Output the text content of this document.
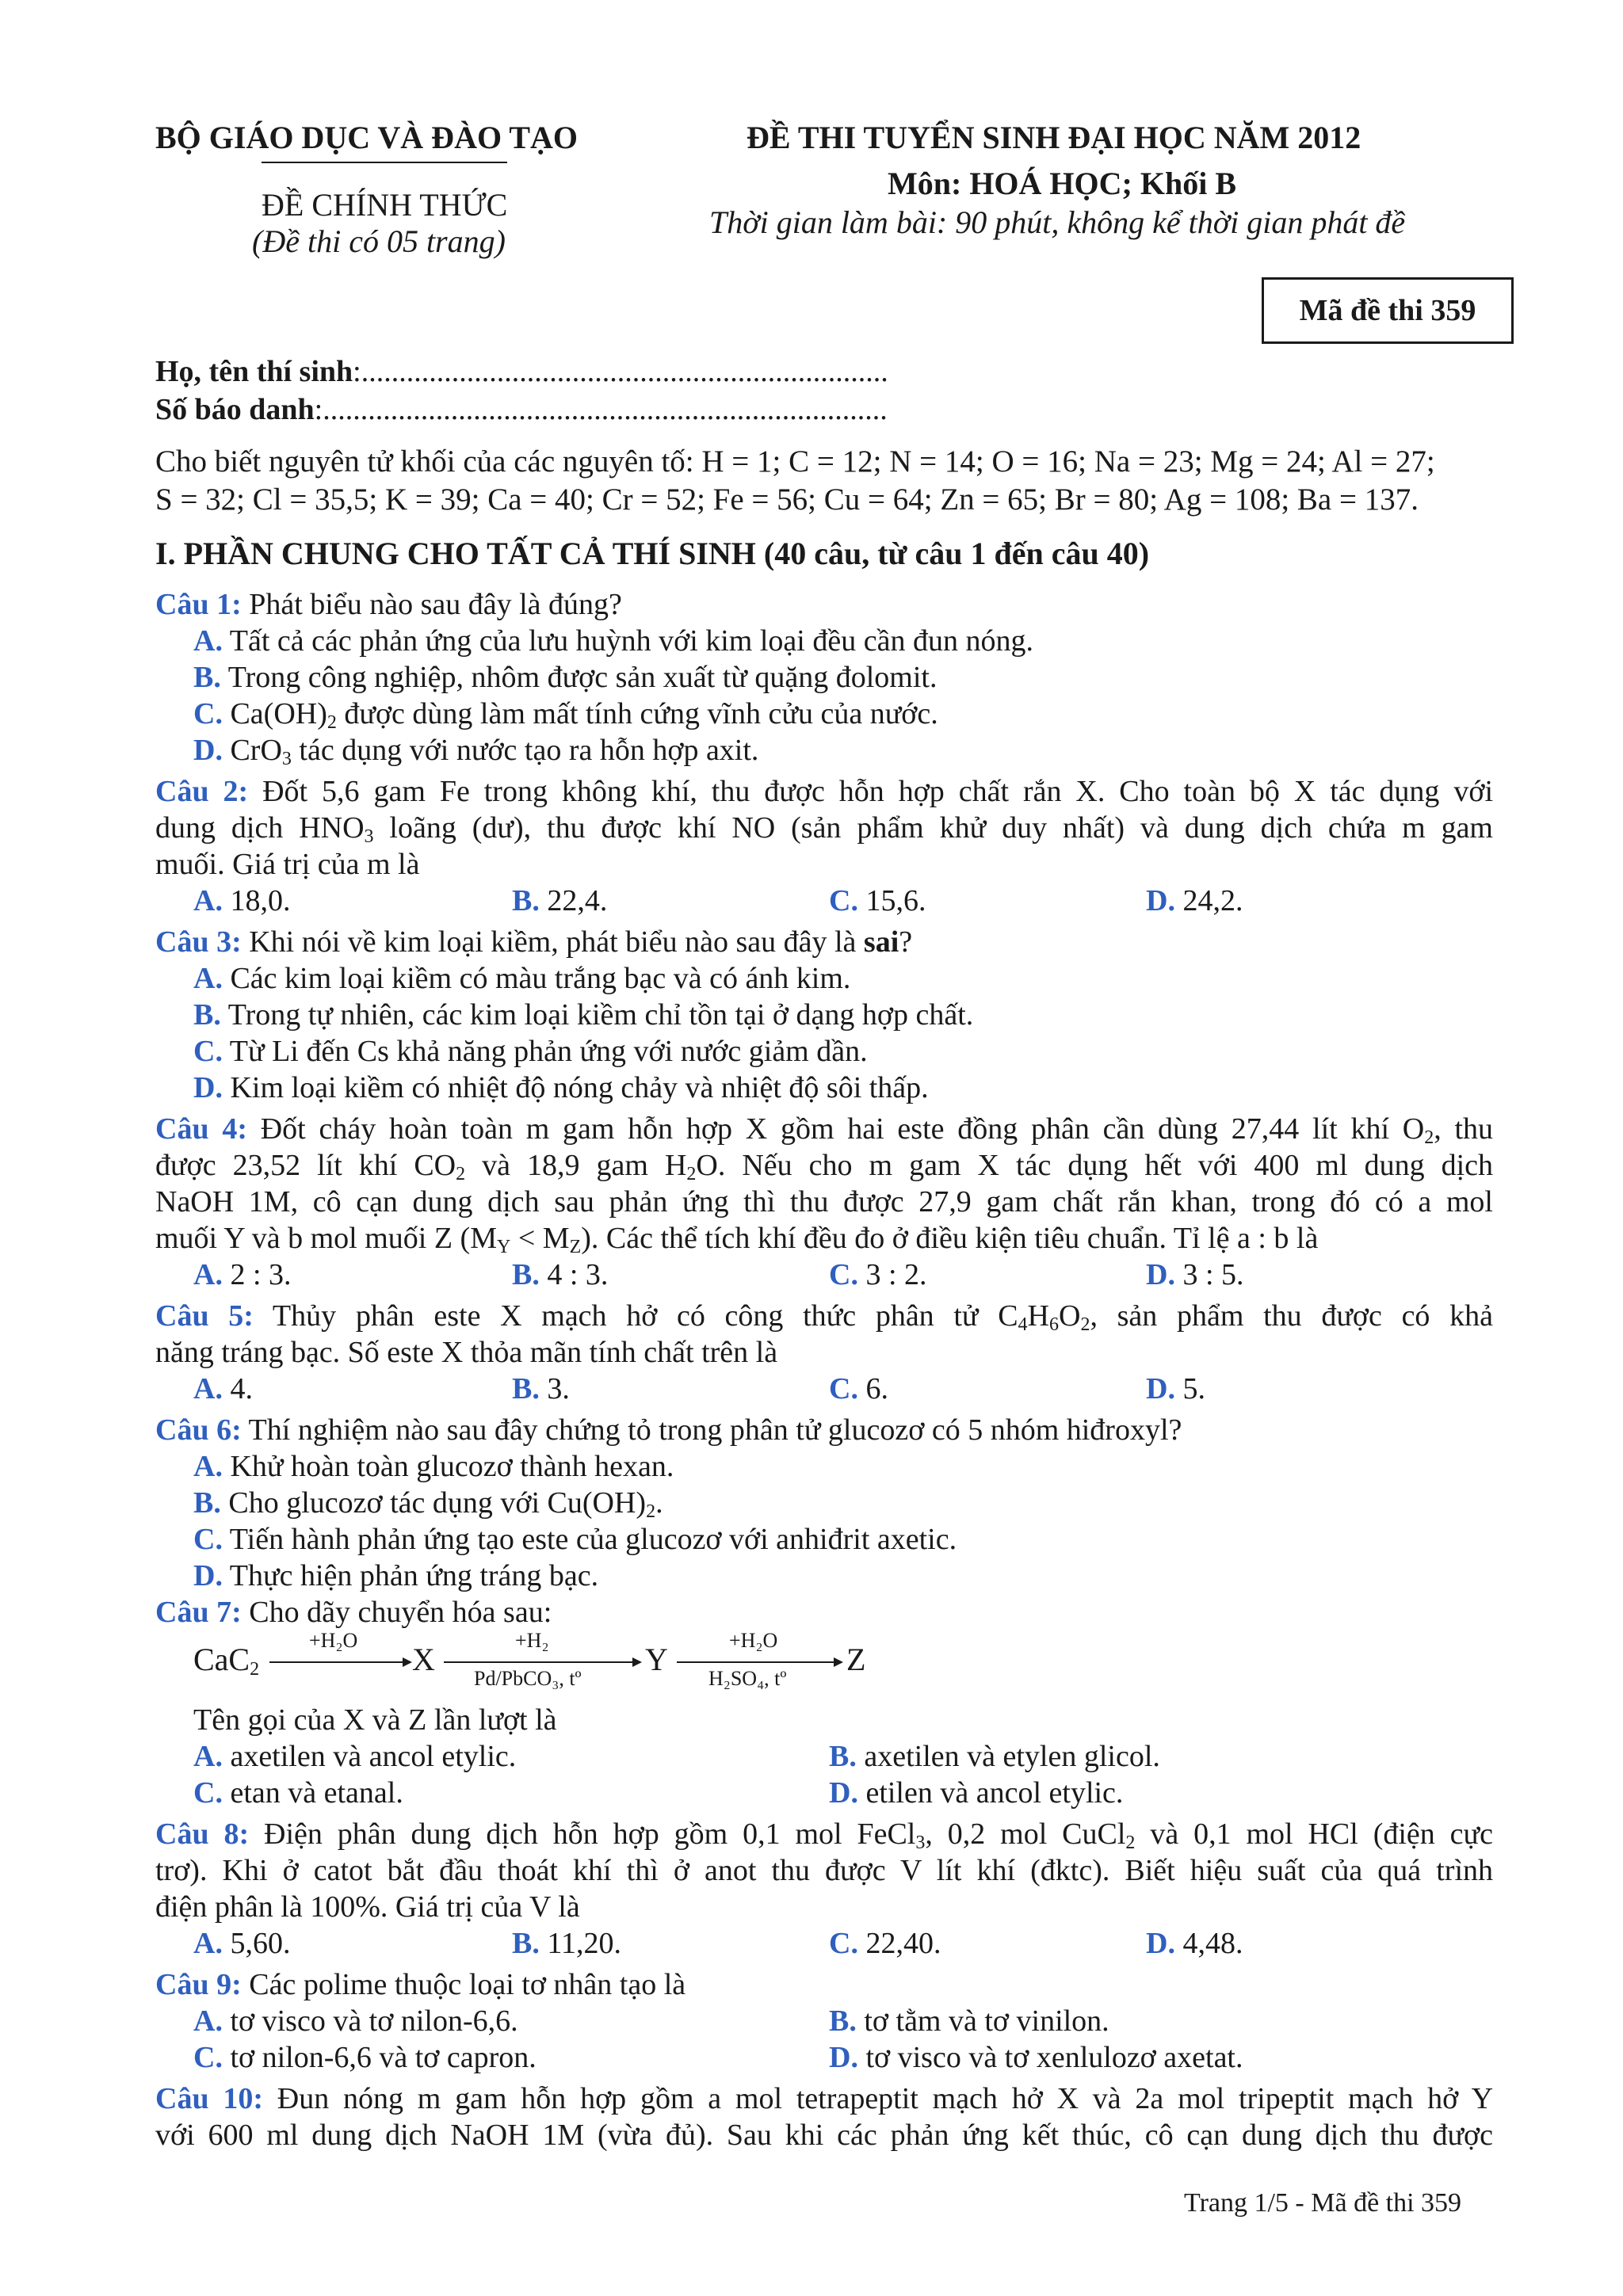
BỘ GIÁO DỤC VÀ ĐÀO TẠO
ĐỀ CHÍNH THỨC
(Đề thi có 05 trang)
ĐỀ THI TUYỂN SINH ĐẠI HỌC NĂM 2012
Môn: HOÁ HỌC; Khối B
Thời gian làm bài: 90 phút, không kể thời gian phát đề
Mã đề thi 359
Họ, tên thí sinh:......................................................................
Số báo danh:...........................................................................
Cho biết nguyên tử khối của các nguyên tố: H = 1; C = 12; N = 14; O = 16; Na = 23; Mg = 24; Al = 27;
S = 32; Cl = 35,5; K = 39; Ca = 40; Cr = 52; Fe = 56; Cu = 64; Zn = 65; Br = 80; Ag = 108; Ba = 137.
I. PHẦN CHUNG CHO TẤT CẢ THÍ SINH (40 câu, từ câu 1 đến câu 40)
Câu 1: Phát biểu nào sau đây là đúng?
A. Tất cả các phản ứng của lưu huỳnh với kim loại đều cần đun nóng.
B. Trong công nghiệp, nhôm được sản xuất từ quặng đolomit.
C. $Ca(OH)_2$ được dùng làm mất tính cứng vĩnh cửu của nước.
D. CrO$_3$ tác dụng với nước tạo ra hỗn hợp axit.
Câu 2: Đốt 5,6 gam Fe trong không khí, thu được hỗn hợp chất rắn X. Cho toàn bộ X tác dụng với
dung dịch $HNO_3$ loãng (dư), thu được khí NO (sản phẩm khử duy nhất) và dung dịch chứa m gam
muối. Giá trị của m là
A. 18,0.	B. 22,4.	C. 15,6.	D. 24,2.
Câu 3: Khi nói về kim loại kiềm, phát biểu nào sau đây là sai?
A. Các kim loại kiềm có màu trắng bạc và có ánh kim.
B. Trong tự nhiên, các kim loại kiềm chỉ tồn tại ở dạng hợp chất.
C. Từ Li đến Cs khả năng phản ứng với nước giảm dần.
D. Kim loại kiềm có nhiệt độ nóng chảy và nhiệt độ sôi thấp.
Câu 4: Đốt cháy hoàn toàn m gam hỗn hợp X gồm hai este đồng phân cần dùng 27,44 lít khí $O_2$, thu
được 23,52 lít khí $CO_2$ và 18,9 gam $H_2O$. Nếu cho m gam X tác dụng hết với 400 ml dung dịch
NaOH 1M, cô cạn dung dịch sau phản ứng thì thu được 27,9 gam chất rắn khan, trong đó có a mol
muối Y và b mol muối Z $(M_Y < M_Z)$. Các thể tích khí đều đo ở điều kiện tiêu chuẩn. Tỉ lệ a : b là
A. 2 : 3.	B. 4 : 3.	C. 3 : 2.	D. 3 : 5.
Câu 5: Thủy phân este X mạch hở có công thức phân tử $C_4H_6O_2$, sản phẩm thu được có khả
năng tráng bạc. Số este X thỏa mãn tính chất trên là
A. 4.	B. 3.	C. 6.	D. 5.
Câu 6: Thí nghiệm nào sau đây chứng tỏ trong phân tử glucozơ có 5 nhóm hiđroxyl?
A. Khử hoàn toàn glucozơ thành hexan.
B. Cho glucozơ tác dụng với $Cu(OH)_2$.
C. Tiến hành phản ứng tạo este của glucozơ với anhiđrit axetic.
D. Thực hiện phản ứng tráng bạc.
Câu 7: Cho dãy chuyển hóa sau:
CaC$_2$
+H₂O
X
+H₂
Pd/PbCO₃, tº
Y
+H₂O
H₂SO₄, tº
Z
Tên gọi của X và Z lần lượt là
A. axetilen và ancol etylic.	B. axetilen và etylen glicol.
C. etan và etanal.	D. etilen và ancol etylic.
Câu 8: Điện phân dung dịch hỗn hợp gồm 0,1 mol FeCl$_3$, 0,2 mol CuCl$_2$ và 0,1 mol HCl (điện cực
trơ). Khi ở catot bắt đầu thoát khí thì ở anot thu được V lít khí (đktc). Biết hiệu suất của quá trình
điện phân là 100%. Giá trị của V là
A. 5,60.	B. 11,20.	C. 22,40.	D. 4,48.
Câu 9: Các polime thuộc loại tơ nhân tạo là
A. tơ visco và tơ nilon-6,6.	B. tơ tằm và tơ vinilon.
C. tơ nilon-6,6 và tơ capron.	D. tơ visco và tơ xenlulozơ axetat.
Câu 10: Đun nóng m gam hỗn hợp gồm a mol tetrapeptit mạch hở X và 2a mol tripeptit mạch hở Y
với 600 ml dung dịch NaOH 1M (vừa đủ). Sau khi các phản ứng kết thúc, cô cạn dung dịch thu được
Trang 1/5 - Mã đề thi 359
